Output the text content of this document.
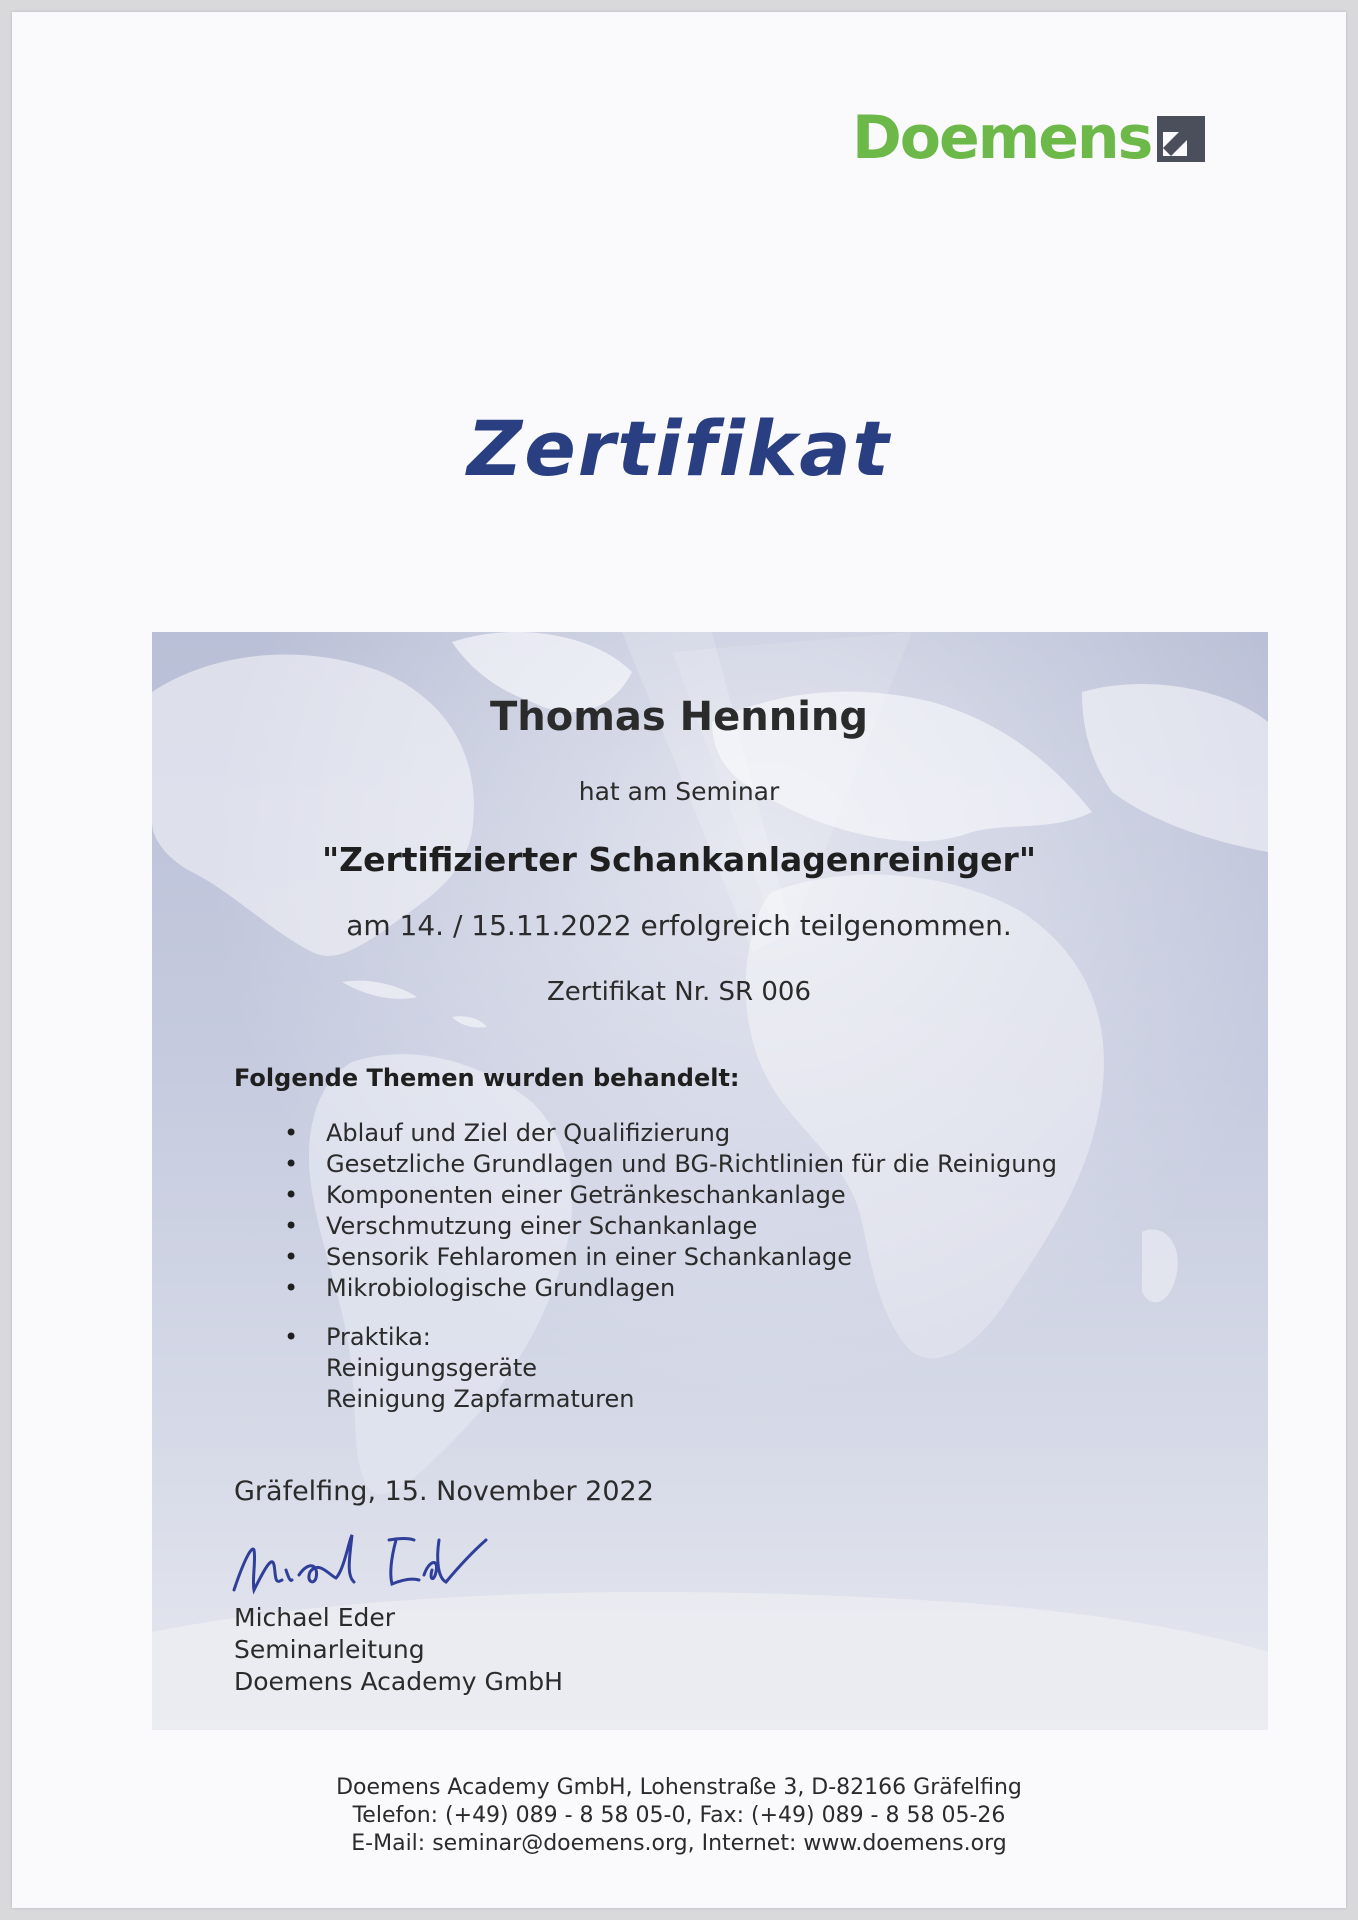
Doemens
Zertifikat
Thomas Henning
hat am Seminar
"Zertifizierter Schankanlagenreiniger"
am 14. / 15.11.2022 erfolgreich teilgenommen.
Zertifikat Nr. SR 006
Folgende Themen wurden behandelt:
• Ablauf und Ziel der Qualifizierung
• Gesetzliche Grundlagen und BG-Richtlinien für die Reinigung
• Komponenten einer Getränkeschankanlage
• Verschmutzung einer Schankanlage
• Sensorik Fehlaromen in einer Schankanlage
• Mikrobiologische Grundlagen
• Praktika:
Reinigungsgeräte
Reinigung Zapfarmaturen
Gräfelfing, 15. November 2022
Michael Eder
Seminarleitung
Doemens Academy GmbH
Doemens Academy GmbH, Lohenstraße 3, D-82166 Gräfelfing
Telefon: (+49) 089 - 8 58 05-0, Fax: (+49) 089 - 8 58 05-26
E-Mail: seminar@doemens.org, Internet: www.doemens.org
